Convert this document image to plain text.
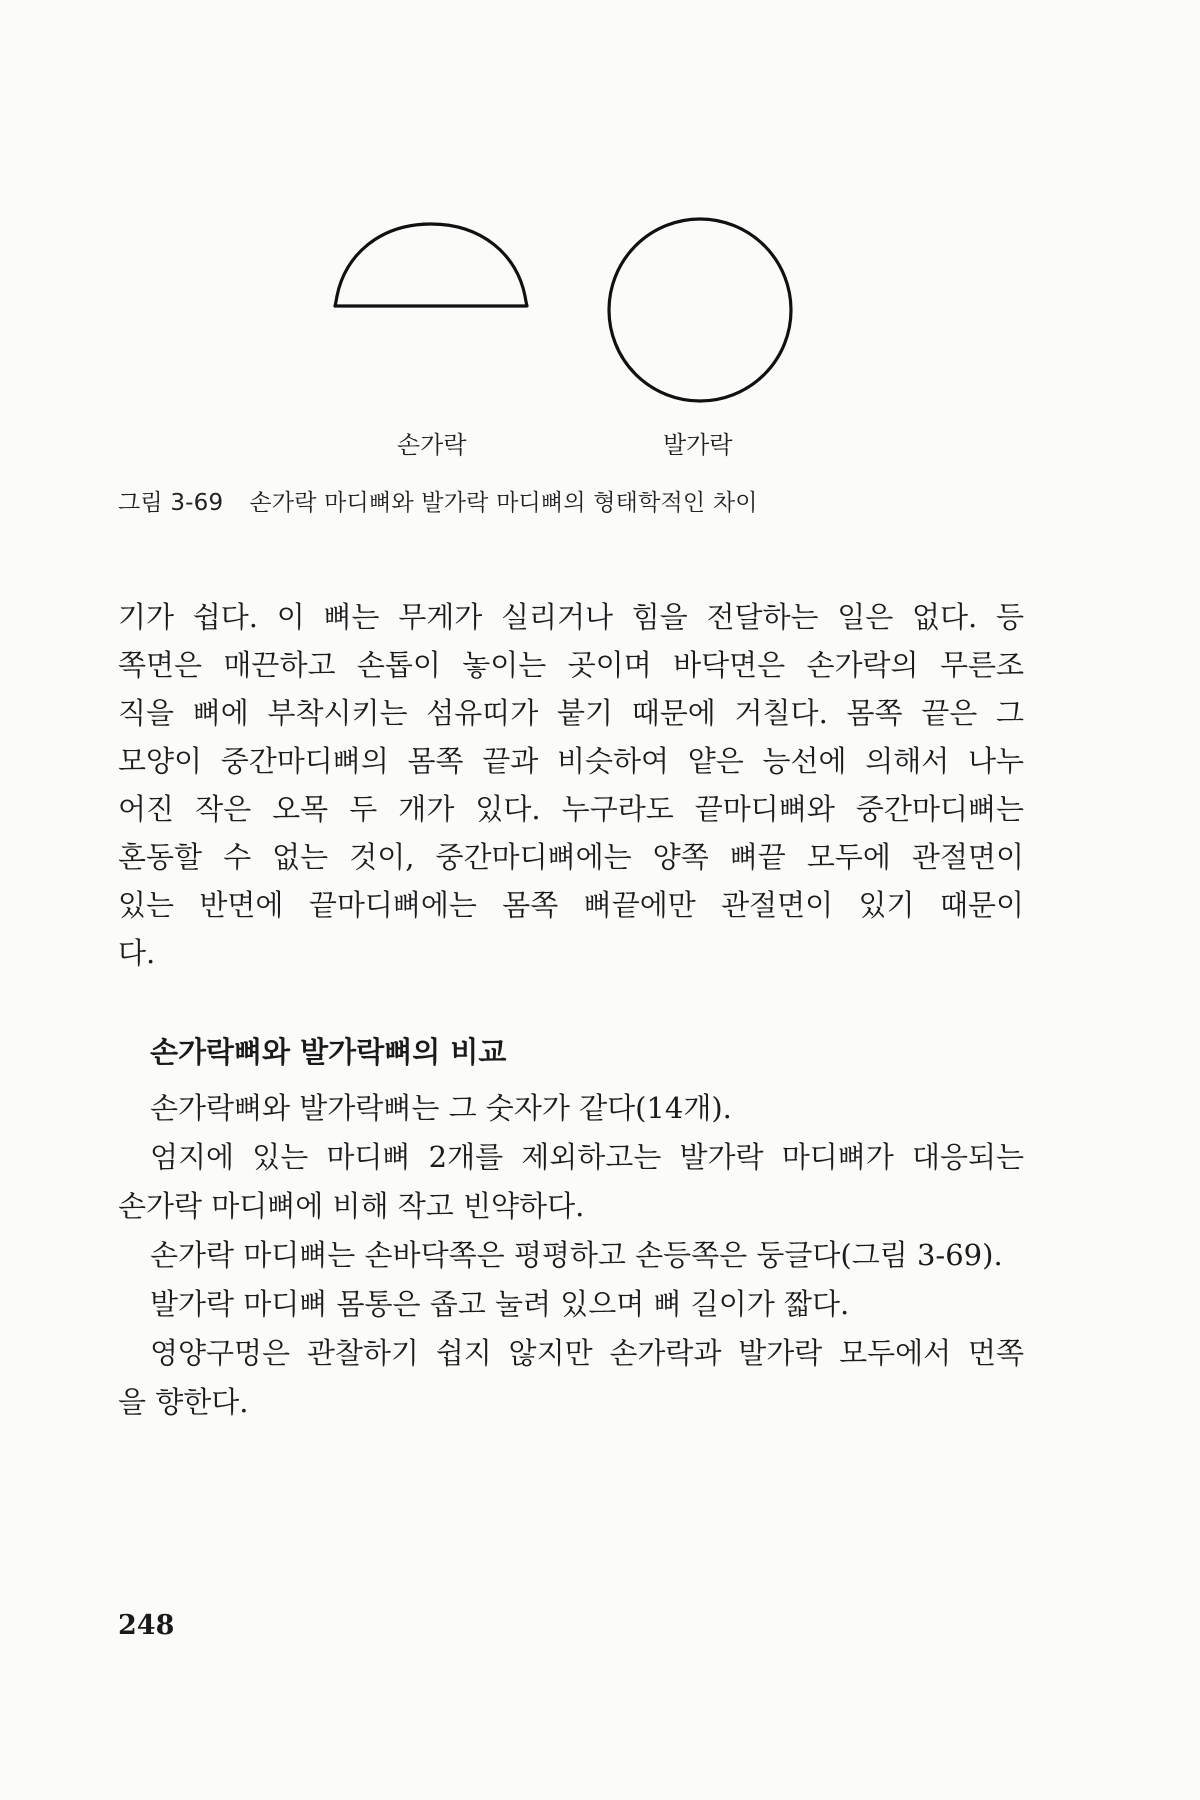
손가락	발가락
그림 3-69 손가락 마디뼈와 발가락 마디뼈의 형태학적인 차이
기가 쉽다. 이 뼈는 무게가 실리거나 힘을 전달하는 일은 없다. 등
쪽면은 매끈하고 손톱이 놓이는 곳이며 바닥면은 손가락의 무른조
직을 뼈에 부착시키는 섬유띠가 붙기 때문에 거칠다. 몸쪽 끝은 그
모양이 중간마디뼈의 몸쪽 끝과 비슷하여 얕은 능선에 의해서 나누
어진 작은 오목 두 개가 있다. 누구라도 끝마디뼈와 중간마디뼈는
혼동할 수 없는 것이, 중간마디뼈에는 양쪽 뼈끝 모두에 관절면이
있는 반면에 끝마디뼈에는 몸쪽 뼈끝에만 관절면이 있기 때문이
다.
손가락뼈와 발가락뼈의 비교
손가락뼈와 발가락뼈는 그 숫자가 같다(14개).
엄지에 있는 마디뼈 2개를 제외하고는 발가락 마디뼈가 대응되는
손가락 마디뼈에 비해 작고 빈약하다.
손가락 마디뼈는 손바닥쪽은 평평하고 손등쪽은 둥글다(그림 3-69).
발가락 마디뼈 몸통은 좁고 눌려 있으며 뼈 길이가 짧다.
영양구멍은 관찰하기 쉽지 않지만 손가락과 발가락 모두에서 먼쪽
을 향한다.
248
